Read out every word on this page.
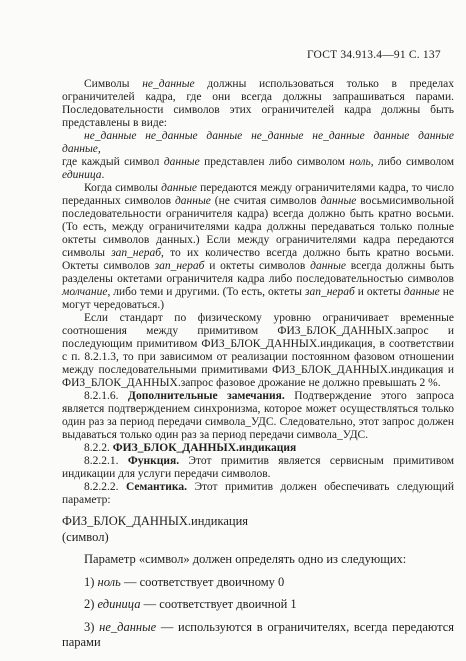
ГОСТ 34.913.4—91 С. 137

Символы не_данные должны использоваться только в пределах ограничителей кадра, где они всегда должны запрашиваться парами. Последовательности символов этих ограничителей кадра должны быть представлены в виде:

не_данные не_данные данные не_данные не_данные данные данные данные,

где каждый символ данные представлен либо символом ноль, либо символом единица.

Когда символы данные передаются между ограничителями кадра, то число переданных символов данные (не считая символов данные восьмисимвольной последовательности ограничителя кадра) всегда должно быть кратно восьми. (То есть, между ограничителями кадра должны передаваться только полные октеты символов данных.) Если между ограничителями кадра передаются символы зап_нераб, то их количество всегда должно быть кратно восьми. Октеты символов зап_нераб и октеты символов данные всегда должны быть разделены октетами ограничителя кадра либо последовательностью символов молчание, либо теми и другими. (То есть, октеты зап_нераб и октеты данные не могут чередоваться.)

Если стандарт по физическому уровню ограничивает временные соотношения между примитивом ФИЗ_БЛОК_ДАННЫХ.запрос и последующим примитивом ФИЗ_БЛОК_ДАННЫХ.индикация, в соответствии с п. 8.2.1.3, то при зависимом от реализации постоянном фазовом отношении между последовательными примитивами ФИЗ_БЛОК_ДАННЫХ.индикация и ФИЗ_БЛОК_ДАННЫХ.запрос фазовое дрожание не должно превышать 2 %.

8.2.1.6. Дополнительные замечания. Подтверждение этого запроса является подтверждением синхронизма, которое может осуществляться только один раз за период передачи символа_УДС. Следовательно, этот запрос должен выдаваться только один раз за период передачи символа_УДС.

8.2.2. ФИЗ_БЛОК_ДАННЫХ.индикация

8.2.2.1. Функция. Этот примитив является сервисным примитивом индикации для услуги передачи символов.

8.2.2.2. Семантика. Этот примитив должен обеспечивать следующий параметр:

ФИЗ_БЛОК_ДАННЫХ.индикация

(символ)

Параметр «символ» должен определять одно из следующих:

1) ноль — соответствует двоичному 0

2) единица — соответствует двоичной 1

3) не_данные — используются в ограничителях, всегда передаются парами
